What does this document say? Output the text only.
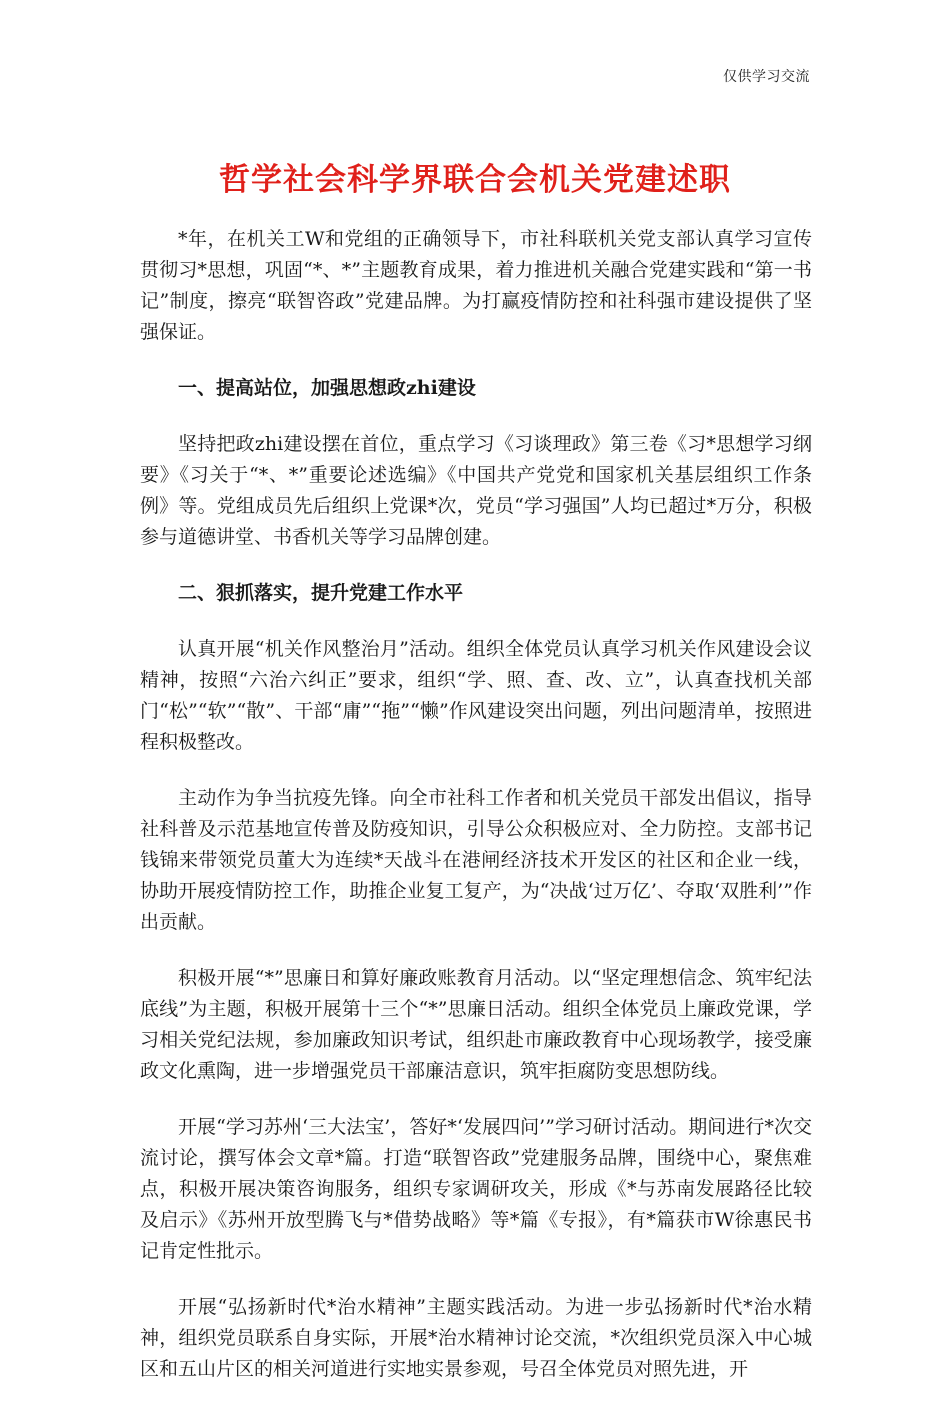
仅供学习交流
哲学社会科学界联合会机关党建述职

*年，在机关工W和党组的正确领导下，市社科联机关党支部认真学习宣传贯彻习*思想，巩固“*、*”主题教育成果，着力推进机关融合党建实践和“第一书记”制度，擦亮“联智咨政”党建品牌。为打赢疫情防控和社科强市建设提供了坚强保证。

一、提高站位，加强思想政zhi建设

坚持把政zhi建设摆在首位，重点学习《习谈理政》第三卷《习*思想学习纲要》《习关于“*、*”重要论述选编》《中国共产党党和国家机关基层组织工作条例》等。党组成员先后组织上党课*次，党员“学习强国”人均已超过*万分，积极参与道德讲堂、书香机关等学习品牌创建。

二、狠抓落实，提升党建工作水平

认真开展“机关作风整治月”活动。组织全体党员认真学习机关作风建设会议精神，按照“六治六纠正”要求，组织“学、照、查、改、立”，认真查找机关部门“松”“软”“散”、干部“庸”“拖”“懒”作风建设突出问题，列出问题清单，按照进程积极整改。

主动作为争当抗疫先锋。向全市社科工作者和机关党员干部发出倡议，指导社科普及示范基地宣传普及防疫知识，引导公众积极应对、全力防控。支部书记钱锦来带领党员董大为连续*天战斗在港闸经济技术开发区的社区和企业一线，协助开展疫情防控工作，助推企业复工复产，为“决战‘过万亿’、夺取‘双胜利’”作出贡献。

积极开展“*”思廉日和算好廉政账教育月活动。以“坚定理想信念、筑牢纪法底线”为主题，积极开展第十三个“*”思廉日活动。组织全体党员上廉政党课，学习相关党纪法规，参加廉政知识考试，组织赴市廉政教育中心现场教学，接受廉政文化熏陶，进一步增强党员干部廉洁意识，筑牢拒腐防变思想防线。

开展“学习苏州‘三大法宝’，答好*‘发展四问’”学习研讨活动。期间进行*次交流讨论，撰写体会文章*篇。打造“联智咨政”党建服务品牌，围绕中心，聚焦难点，积极开展决策咨询服务，组织专家调研攻关，形成《*与苏南发展路径比较及启示》《苏州开放型腾飞与*借势战略》等*篇《专报》，有*篇获市W徐惠民书记肯定性批示。

开展“弘扬新时代*治水精神”主题实践活动。为进一步弘扬新时代*治水精神，组织党员联系自身实际，开展*治水精神讨论交流，*次组织党员深入中心城区和五山片区的相关河道进行实地实景参观，号召全体党员对照先进，开
